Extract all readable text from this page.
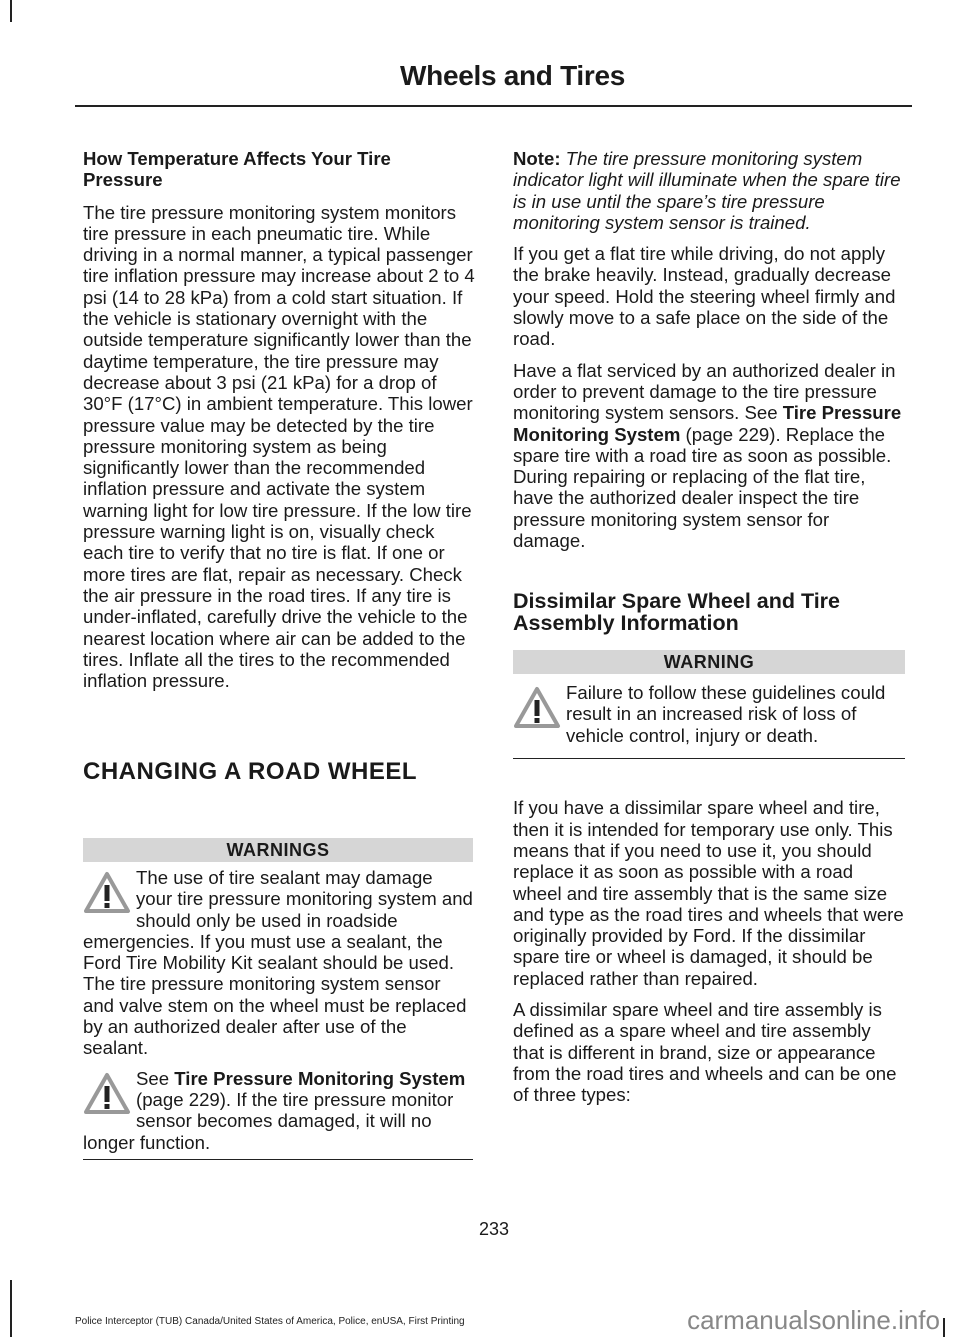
Wheels and Tires
How Temperature Affects Your Tire Pressure

The tire pressure monitoring system monitors tire pressure in each pneumatic tire. While driving in a normal manner, a typical passenger tire inflation pressure may increase about 2 to 4 psi (14 to 28 kPa) from a cold start situation. If the vehicle is stationary overnight with the outside temperature significantly lower than the daytime temperature, the tire pressure may decrease about 3 psi (21 kPa) for a drop of 30°F (17°C) in ambient temperature. This lower pressure value may be detected by the tire pressure monitoring system as being significantly lower than the recommended inflation pressure and activate the system warning light for low tire pressure. If the low tire pressure warning light is on, visually check each tire to verify that no tire is flat. If one or more tires are flat, repair as necessary. Check the air pressure in the road tires. If any tire is under-inflated, carefully drive the vehicle to the nearest location where air can be added to the tires. Inflate all the tires to the recommended inflation pressure.

CHANGING A ROAD WHEEL
WARNINGS
The use of tire sealant may damage your tire pressure monitoring system and should only be used in roadside emergencies. If you must use a sealant, the Ford Tire Mobility Kit sealant should be used. The tire pressure monitoring system sensor and valve stem on the wheel must be replaced by an authorized dealer after use of the sealant.
See Tire Pressure Monitoring System (page 229). If the tire pressure monitor sensor becomes damaged, it will no longer function.

Note: The tire pressure monitoring system indicator light will illuminate when the spare tire is in use until the spare’s tire pressure monitoring system sensor is trained.

If you get a flat tire while driving, do not apply the brake heavily. Instead, gradually decrease your speed. Hold the steering wheel firmly and slowly move to a safe place on the side of the road.

Have a flat serviced by an authorized dealer in order to prevent damage to the tire pressure monitoring system sensors. See Tire Pressure Monitoring System (page 229). Replace the spare tire with a road tire as soon as possible. During repairing or replacing of the flat tire, have the authorized dealer inspect the tire pressure monitoring system sensor for damage.

Dissimilar Spare Wheel and Tire Assembly Information
WARNING
Failure to follow these guidelines could result in an increased risk of loss of vehicle control, injury or death.

If you have a dissimilar spare wheel and tire, then it is intended for temporary use only. This means that if you need to use it, you should replace it as soon as possible with a road wheel and tire assembly that is the same size and type as the road tires and wheels that were originally provided by Ford. If the dissimilar spare tire or wheel is damaged, it should be replaced rather than repaired.

A dissimilar spare wheel and tire assembly is defined as a spare wheel and tire assembly that is different in brand, size or appearance from the road tires and wheels and can be one of three types:

233
Police Interceptor (TUB) Canada/United States of America, Police, enUSA, First Printing	carmanualsonline.info
